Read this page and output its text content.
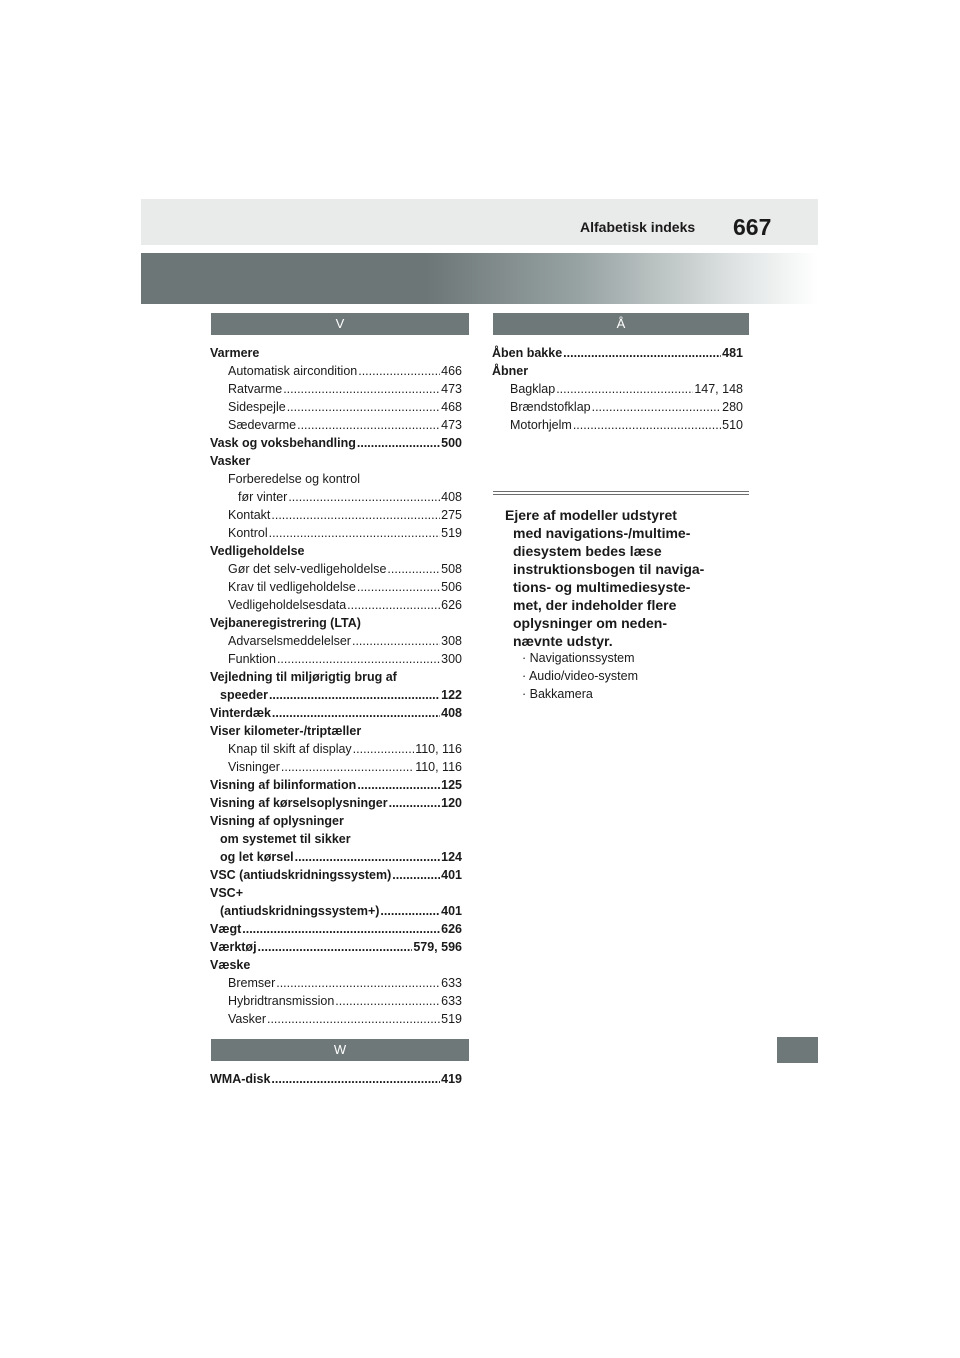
Alfabetisk indeks 667
V
Varmere
Automatisk aircondition .....	466
Ratvarme .....	473
Sidespejle .....	468
Sædevarme .....	473
Vask og voksbehandling .....	500
Vasker
Forberedelse og kontrol
før vinter .....	408
Kontakt .....	275
Kontrol .....	519
Vedligeholdelse
Gør det selv-vedligeholdelse .....	508
Krav til vedligeholdelse .....	506
Vedligeholdelsesdata .....	626
Vejbaneregistrering (LTA)
Advarselsmeddelelser .....	308
Funktion .....	300
Vejledning til miljørigtig brug af
speeder .....	122
Vinterdæk .....	408
Viser kilometer-/triptæller
Knap til skift af display .....	110, 116
Visninger .....	110, 116
Visning af bilinformation .....	125
Visning af kørselsoplysninger .....	120
Visning af oplysninger
om systemet til sikker
og let kørsel .....	124
VSC (antiudskridningssystem) .....	401
VSC+
(antiudskridningssystem+) .....	401
Vægt .....	626
Værktøj .....	579, 596
Væske
Bremser .....	633
Hybridtransmission .....	633
Vasker .....	519
W
WMA-disk .....	419
Å
Åben bakke .....	481
Åbner
Bagklap .....	147, 148
Brændstofklap .....	280
Motorhjelm .....	510
Ejere af modeller udstyret
med navigations-/multime-
diesystem bedes læse
instruktionsbogen til naviga-
tions- og multimediesyste-
met, der indeholder flere
oplysninger om neden-
nævnte udstyr.
· Navigationssystem
· Audio/video-system
· Bakkamera
